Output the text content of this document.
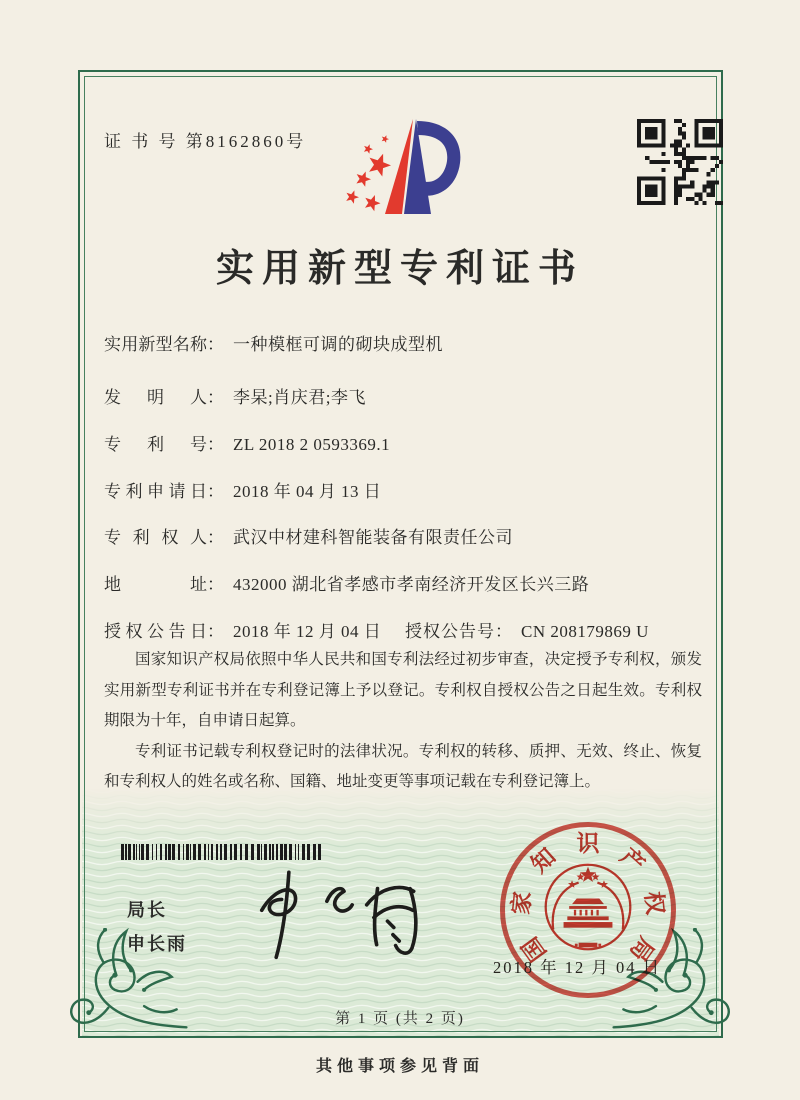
证 书 号 第8162860号
实用新型专利证书
实用新型名称： 一种模框可调的砌块成型机
发明人： 李杲;肖庆君;李飞
专利号： ZL 2018 2 0593369.1
专利申请日： 2018 年 04 月 13 日
专利权人： 武汉中材建科智能装备有限责任公司
地址： 432000 湖北省孝感市孝南经济开发区长兴三路
授权公告日： 2018 年 12 月 04 日 授权公告号： CN 208179869 U

国家知识产权局依照中华人民共和国专利法经过初步审查，决定授予专利权，颁发实用新型专利证书并在专利登记簿上予以登记。专利权自授权公告之日起生效。专利权期限为十年，自申请日起算。

专利证书记载专利权登记时的法律状况。专利权的转移、质押、无效、终止、恢复和专利权人的姓名或名称、国籍、地址变更等事项记载在专利登记簿上。

局长
申长雨	国
家
知
识
产
权
局
2018 年 12 月 04 日
第 1 页 (共 2 页)
其他事项参见背面
